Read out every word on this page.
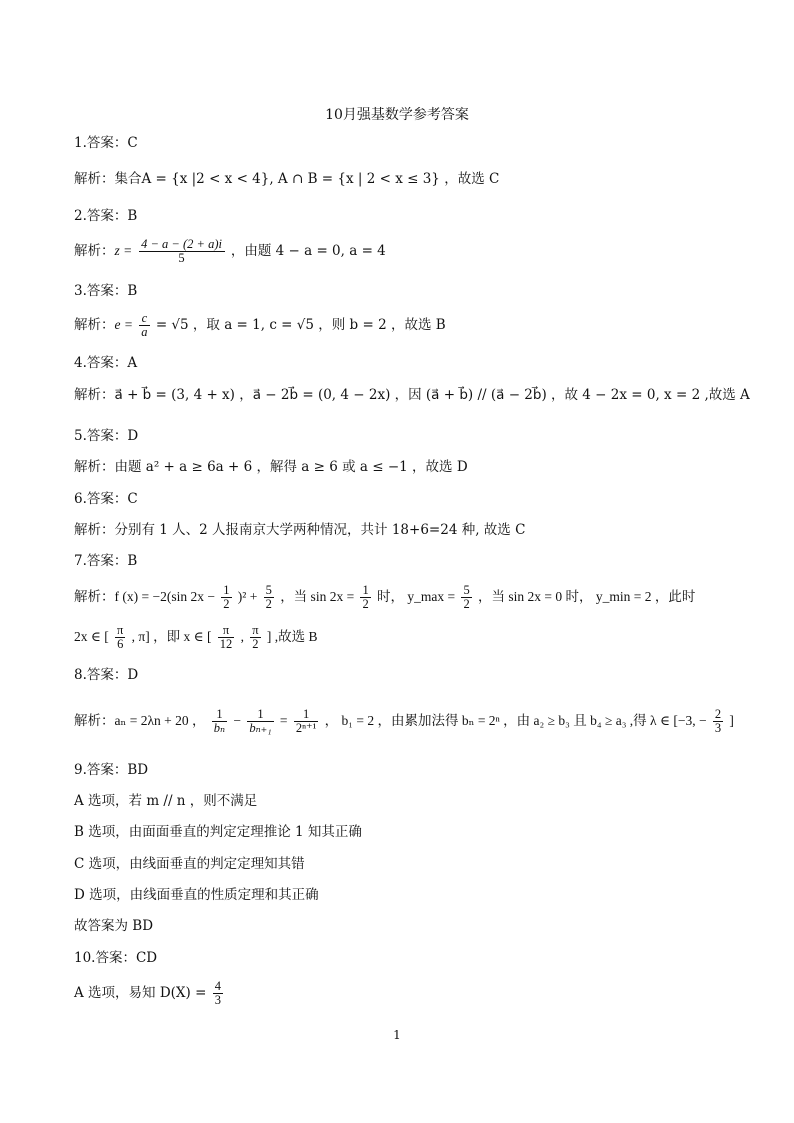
10月强基数学参考答案
1.答案：C
解析：集合A = {x |2 < x < 4}, A ∩ B = {x | 2 < x ≤ 3} ，故选 C
2.答案：B
解析：$z = \frac{4 - a - (2 + a)i}{5}$ ，由题 4 − a = 0, a = 4
3.答案：B
解析：$e = \frac{c}{a} = √5$ ，取 a = 1, c = √5 ，则 b = 2 ，故选 B
4.答案：A
解析：a⃗ + b⃗ = (3, 4 + x) ，a⃗ − 2b⃗ = (0, 4 − 2x) ，因 (a⃗ + b⃗) // (a⃗ − 2b⃗) ，故 4 − 2x = 0, x = 2 ,故选 A
5.答案：D
解析：由题 a² + a ≥ 6a + 6 ，解得 a ≥ 6 或 a ≤ −1 ，故选 D
6.答案：C
解析：分别有 1 人、2 人报南京大学两种情况，共计 18+6=24 种, 故选 C
7.答案：B
解析：f (x) = −2(sin $2x - \frac{1}{2} )^2 + \frac{5}{2}$ ，当 $\sin 2x = \frac{1}{2}$ 时， y_max = $\frac{5}{2}$ ，当 sin 2x = 0 时， y_min = 2 ，此时
2x ∈ [ $\frac{\pi}{6}$ , π] ，即 x ∈ [ $\frac{\pi}{12}$ , $\frac{\pi}{2}$ ] ,故选 B
8.答案：D
解析：aₙ = 2λn + 20 ， $\frac{1}{\text{bₙ}} - \frac{1}{\text{bₙ₊₁}} = \frac{1}{\text{2ⁿ⁺¹}}$ ， b₁ = 2 ，由累加法得 bₙ = 2ⁿ ，由 a₂ ≥ b₃ 且 b₄ ≥ a₃ ,得 λ ∈ [−3, − $\frac{2}{3}$ ]
9.答案：BD
A 选项，若 m // n ，则不满足
B 选项，由面面垂直的判定定理推论 1 知其正确
C 选项，由线面垂直的判定定理知其错
D 选项，由线面垂直的性质定理和其正确
故答案为 BD
10.答案：CD
A 选项，易知 $D(X) = \frac{4}{3}$
1
